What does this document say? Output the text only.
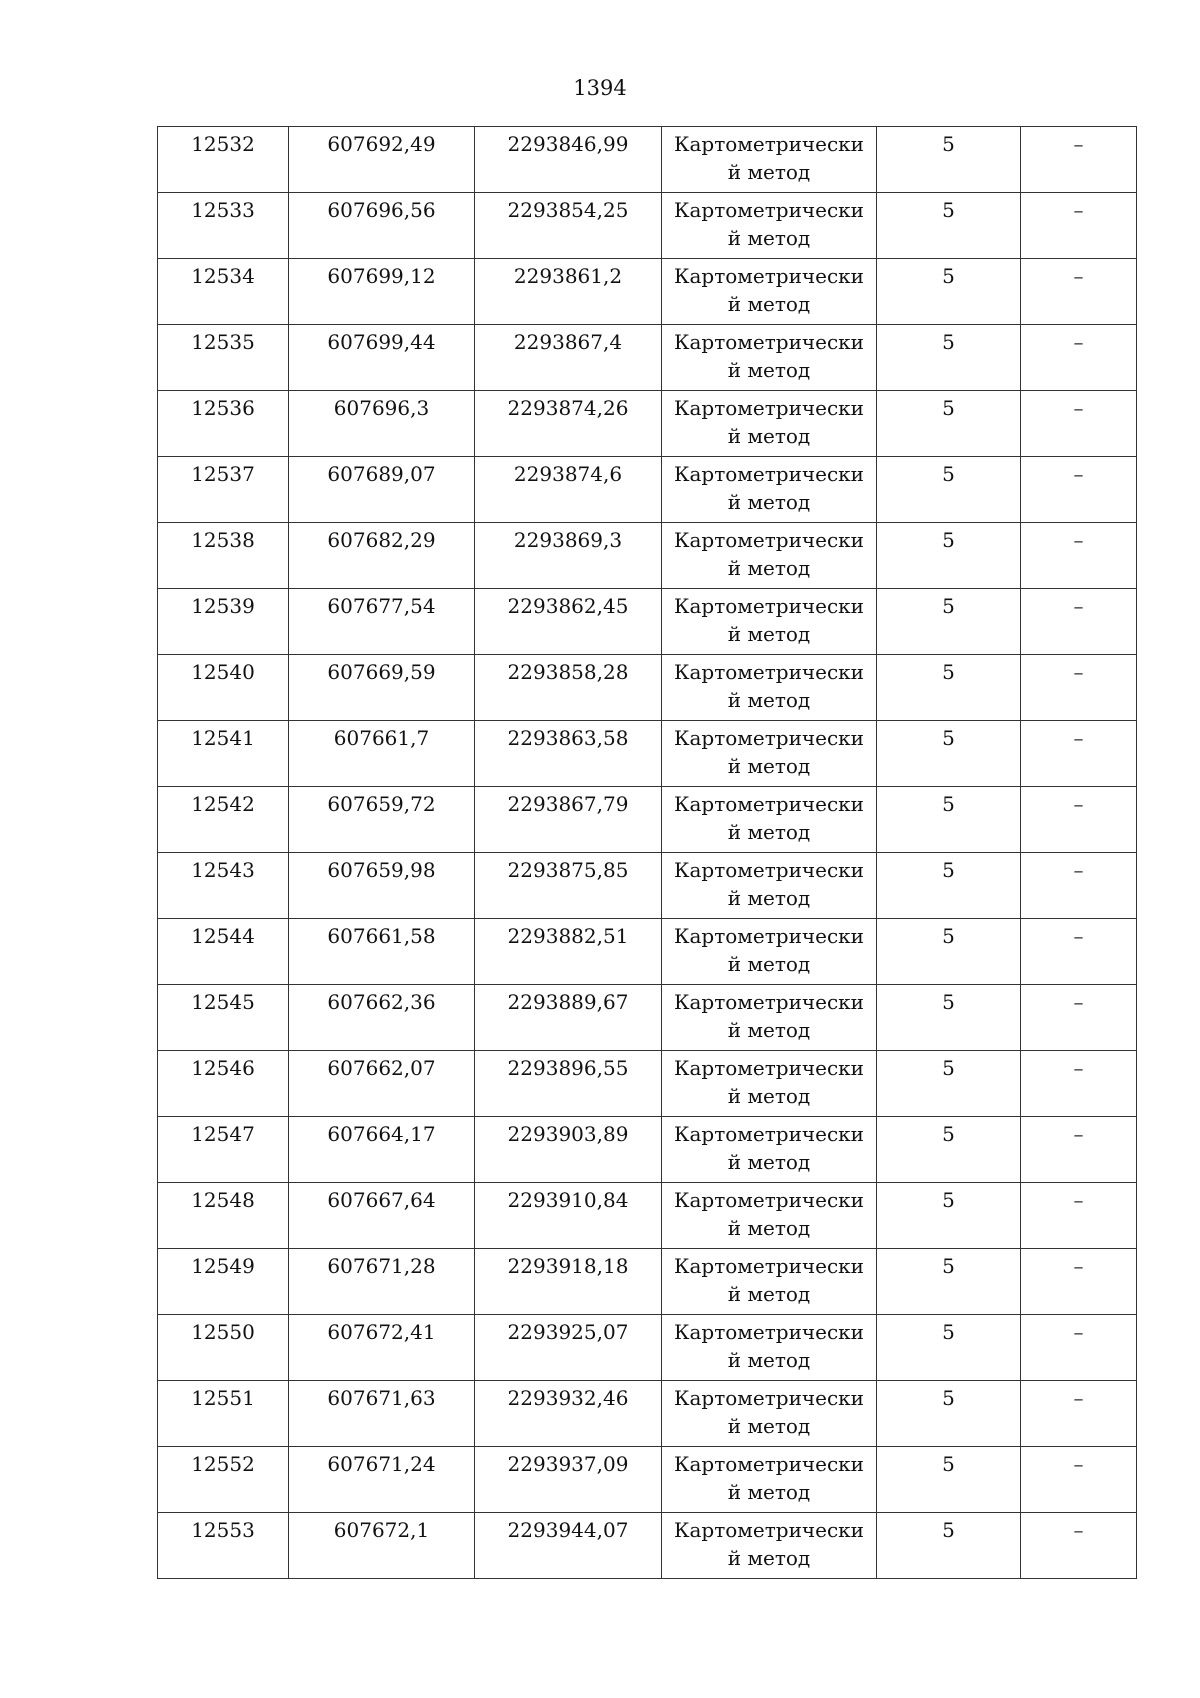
1394
12532	607692,49	2293846,99	Картометрически й метод	5	–
12533	607696,56	2293854,25	Картометрически й метод	5	–
12534	607699,12	2293861,2	Картометрически й метод	5	–
12535	607699,44	2293867,4	Картометрически й метод	5	–
12536	607696,3	2293874,26	Картометрически й метод	5	–
12537	607689,07	2293874,6	Картометрически й метод	5	–
12538	607682,29	2293869,3	Картометрически й метод	5	–
12539	607677,54	2293862,45	Картометрически й метод	5	–
12540	607669,59	2293858,28	Картометрически й метод	5	–
12541	607661,7	2293863,58	Картометрически й метод	5	–
12542	607659,72	2293867,79	Картометрически й метод	5	–
12543	607659,98	2293875,85	Картометрически й метод	5	–
12544	607661,58	2293882,51	Картометрически й метод	5	–
12545	607662,36	2293889,67	Картометрически й метод	5	–
12546	607662,07	2293896,55	Картометрически й метод	5	–
12547	607664,17	2293903,89	Картометрически й метод	5	–
12548	607667,64	2293910,84	Картометрически й метод	5	–
12549	607671,28	2293918,18	Картометрически й метод	5	–
12550	607672,41	2293925,07	Картометрически й метод	5	–
12551	607671,63	2293932,46	Картометрически й метод	5	–
12552	607671,24	2293937,09	Картометрически й метод	5	–
12553	607672,1	2293944,07	Картометрически й метод	5	–
